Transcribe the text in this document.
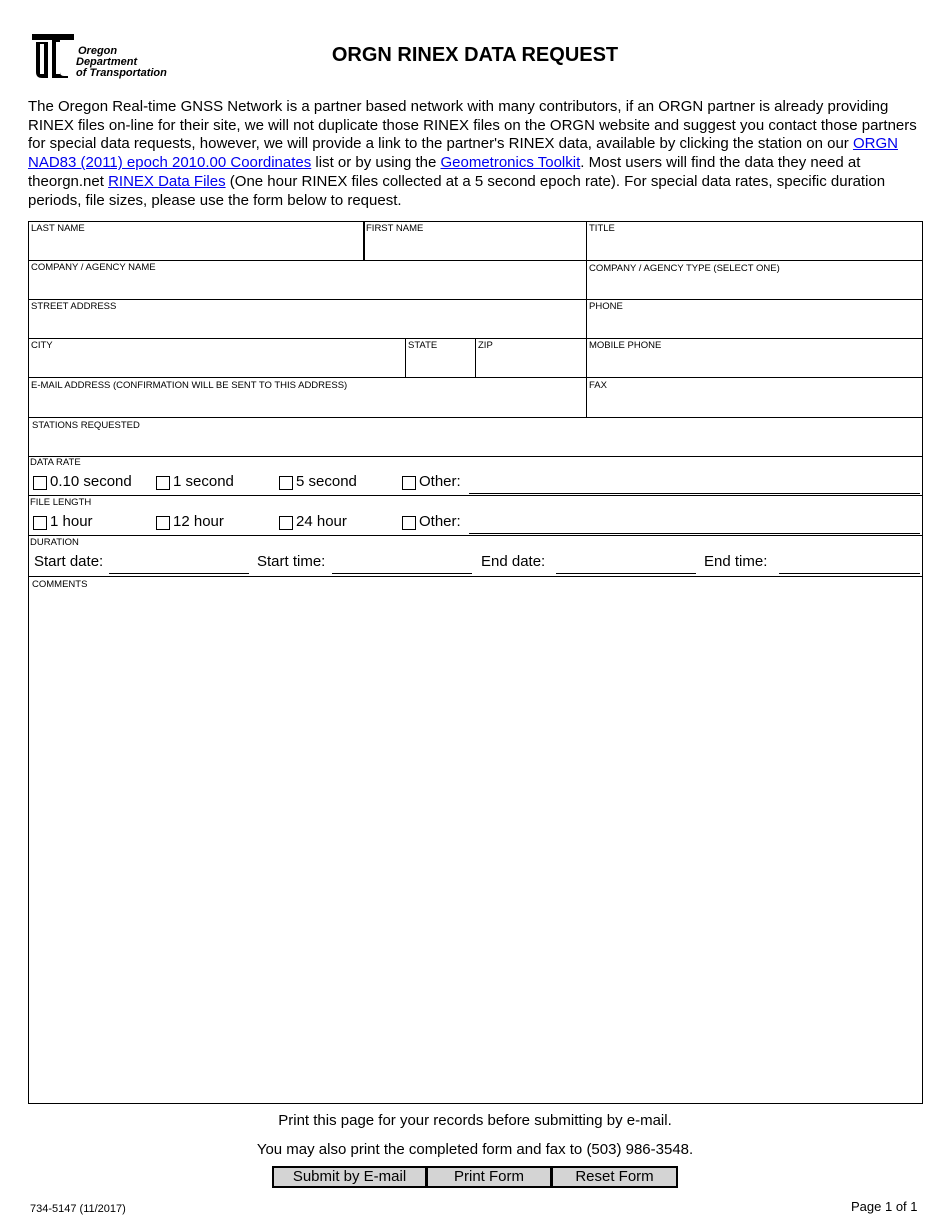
Oregon
Department
of Transportation
ORGN RINEX DATA REQUEST
The Oregon Real-time GNSS Network is a partner based network with many contributors, if an ORGN partner is already providing RINEX files on-line for their site, we will not duplicate those RINEX files on the ORGN website and suggest you contact those partners for special data requests, however, we will provide a link to the partner's RINEX data, available by clicking the station on our ORGN NAD83 (2011) epoch 2010.00 Coordinates list or by using the Geometronics Toolkit. Most users will find the data they need at theorgn.net RINEX Data Files (One hour RINEX files collected at a 5 second epoch rate). For special data rates, specific duration periods, file sizes, please use the form below to request.
LAST NAME	FIRST NAME	TITLE
COMPANY / AGENCY NAME	COMPANY / AGENCY TYPE (SELECT ONE)
STREET ADDRESS	PHONE
CITY	STATE	ZIP	MOBILE PHONE
E-MAIL ADDRESS (CONFIRMATION WILL BE SENT TO THIS ADDRESS)	FAX
STATIONS REQUESTED
DATA RATE
0.10 second	1 second	5 second	Other:
FILE LENGTH
1 hour	12 hour	24 hour	Other:
DURATION
Start date:	Start time:	End date:	End time:
COMMENTS
Print this page for your records before submitting by e-mail.
You may also print the completed form and fax to (503) 986-3548.
Submit by E-mail	Print Form	Reset Form
734-5147 (11/2017)	Page 1 of 1
